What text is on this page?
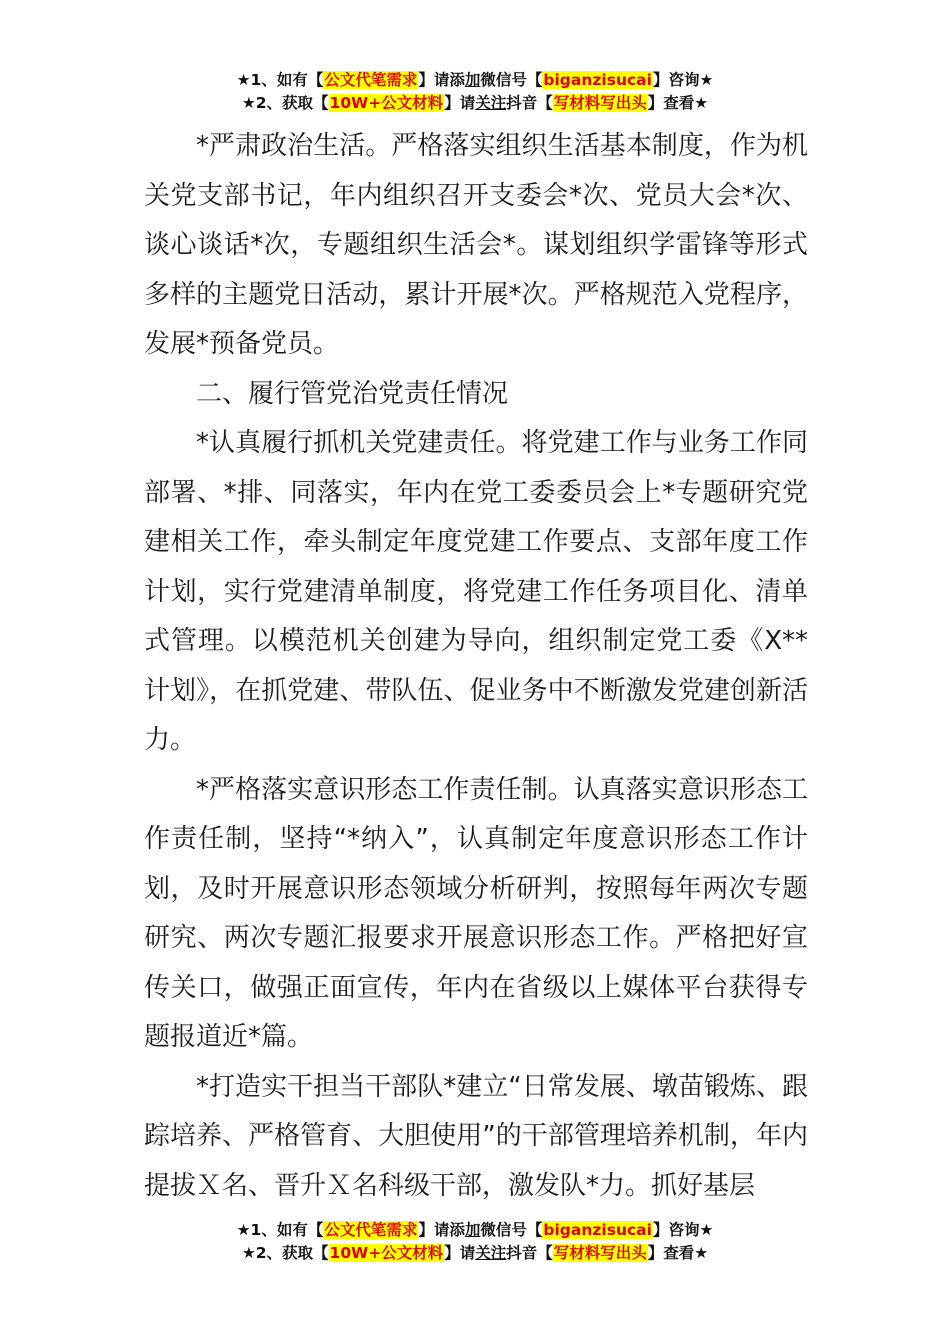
★1、如有【公文代笔需求】请添加微信号【biganzisucai】咨询★
★2、获取【10W+公文材料】请关注抖音【写材料写出头】查看★

*严肃政治生活。严格落实组织生活基本制度，作为机关党支部书记，年内组织召开支委会*次、党员大会*次、谈心谈话*次，专题组织生活会*。谋划组织学雷锋等形式多样的主题党日活动，累计开展*次。严格规范入党程序，发展*预备党员。

二、履行管党治党责任情况

*认真履行抓机关党建责任。将党建工作与业务工作同部署、*排、同落实，年内在党工委委员会上*专题研究党建相关工作，牵头制定年度党建工作要点、支部年度工作计划，实行党建清单制度，将党建工作任务项目化、清单式管理。以模范机关创建为导向，组织制定党工委《X**计划》，在抓党建、带队伍、促业务中不断激发党建创新活力。

*严格落实意识形态工作责任制。认真落实意识形态工作责任制，坚持“*纳入”，认真制定年度意识形态工作计划，及时开展意识形态领域分析研判，按照每年两次专题研究、两次专题汇报要求开展意识形态工作。严格把好宣传关口，做强正面宣传，年内在省级以上媒体平台获得专题报道近*篇。

*打造实干担当干部队*建立“日常发展、墩苗锻炼、跟踪培养、严格管育、大胆使用”的干部管理培养机制，年内提拔Ｘ名、晋升Ｘ名科级干部，激发队*力。抓好基层

★1、如有【公文代笔需求】请添加微信号【biganzisucai】咨询★
★2、获取【10W+公文材料】请关注抖音【写材料写出头】查看★
